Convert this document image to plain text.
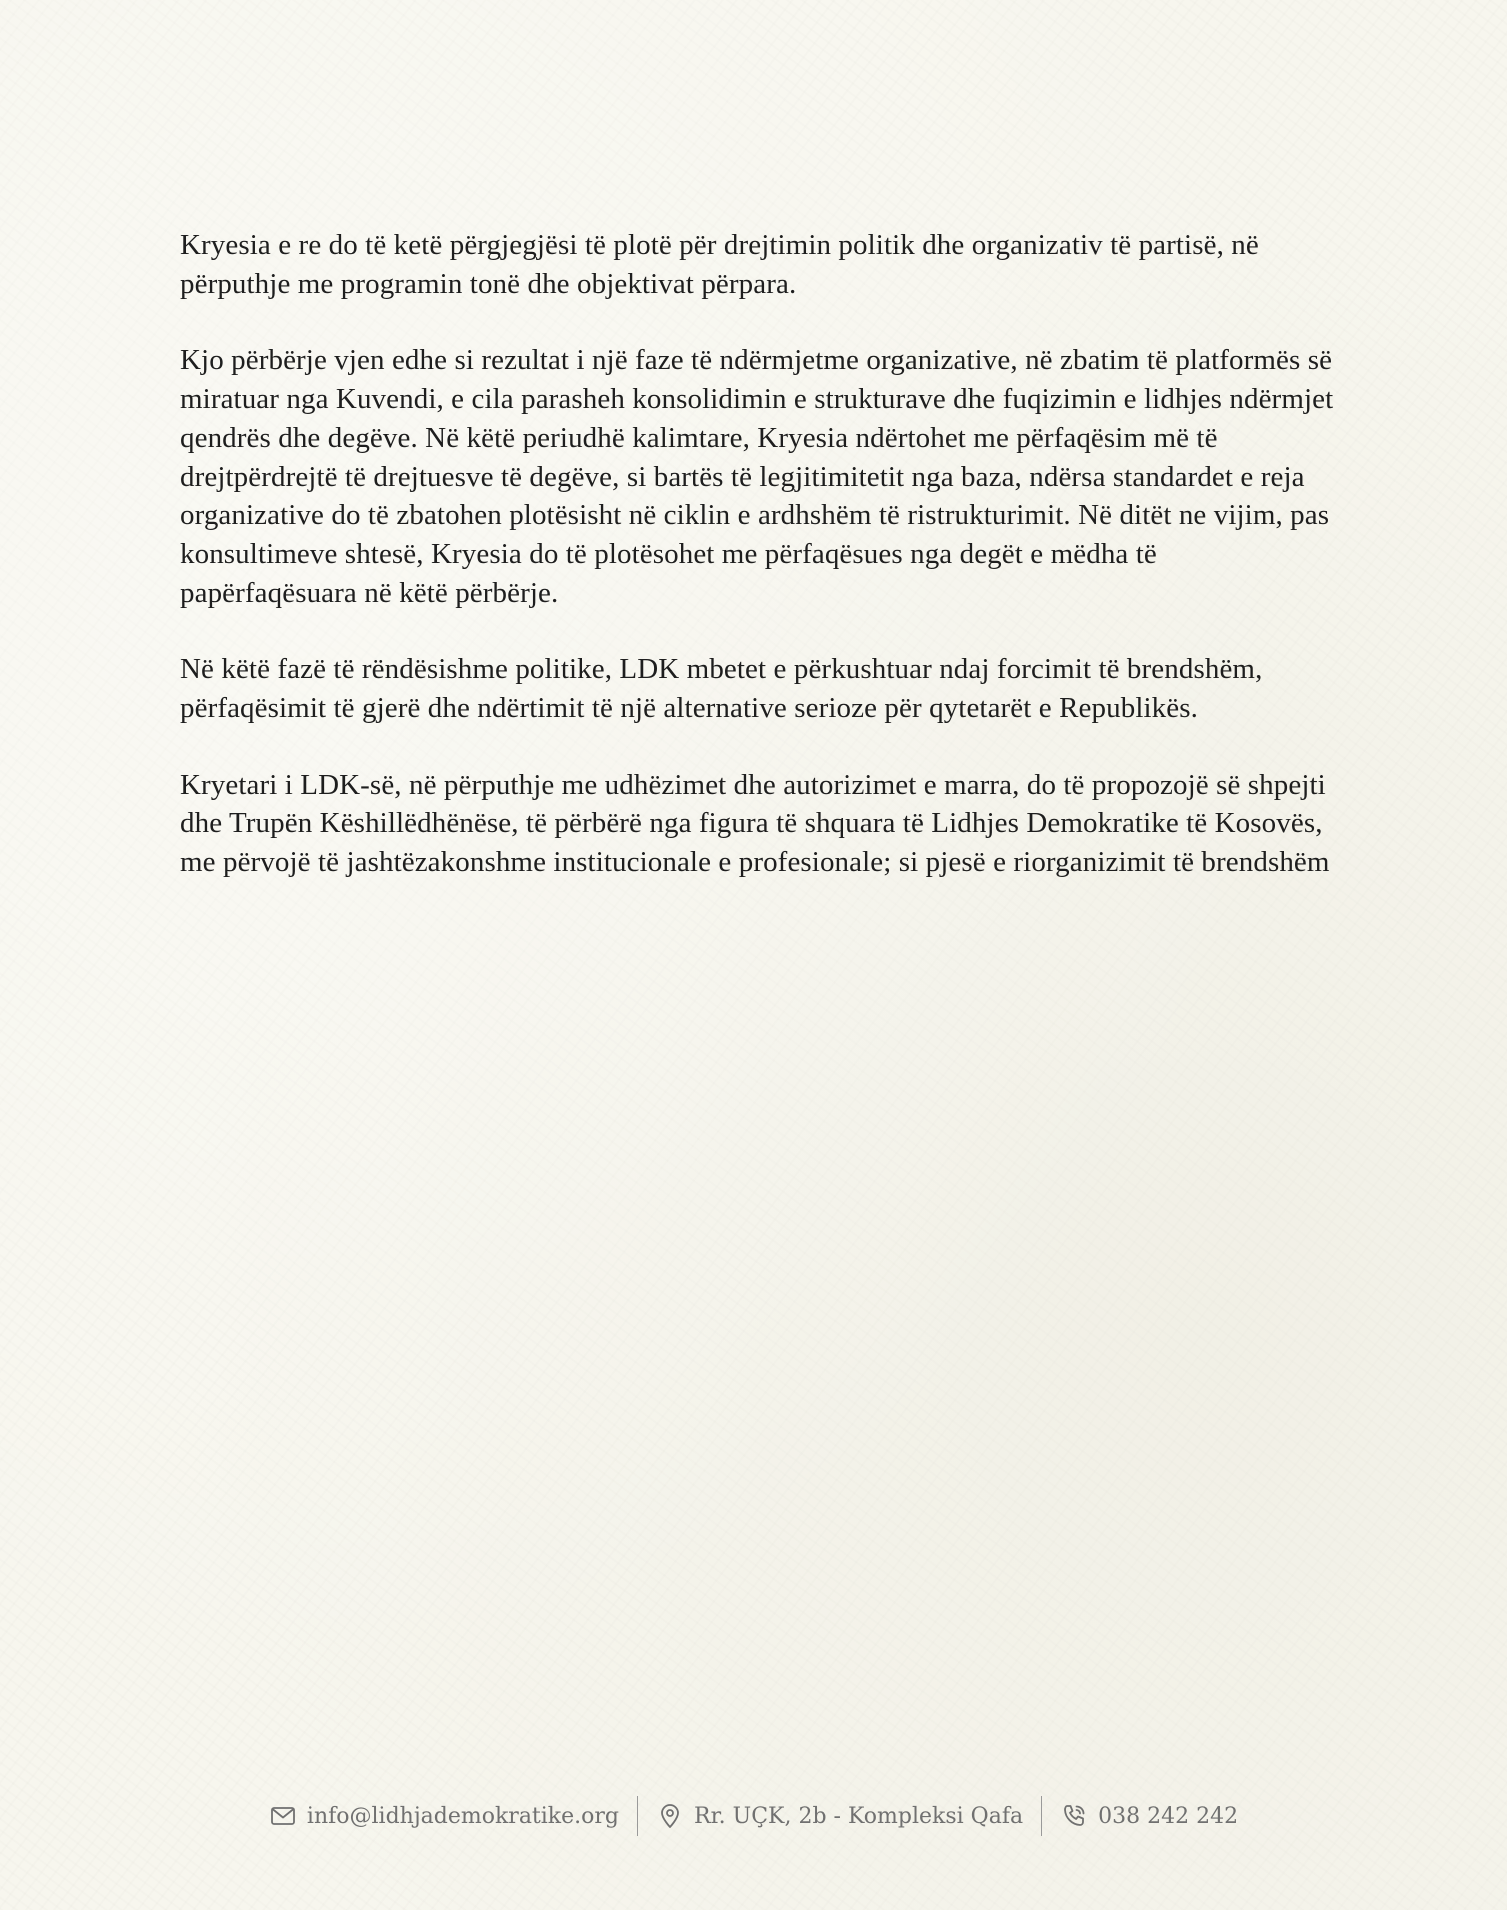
Kryesia e re do të ketë përgjegjësi të plotë për drejtimin politik dhe organizativ të partisë, në përputhje me programin tonë dhe objektivat përpara.

Kjo përbërje vjen edhe si rezultat i një faze të ndërmjetme organizative, në zbatim të platformës së miratuar nga Kuvendi, e cila parasheh konsolidimin e strukturave dhe fuqizimin e lidhjes ndërmjet qendrës dhe degëve. Në këtë periudhë kalimtare, Kryesia ndërtohet me përfaqësim më të drejtpërdrejtë të drejtuesve të degëve, si bartës të legjitimitetit nga baza, ndërsa standardet e reja organizative do të zbatohen plotësisht në ciklin e ardhshëm të ristrukturimit. Në ditët ne vijim, pas konsultimeve shtesë, Kryesia do të plotësohet me përfaqësues nga degët e mëdha të papërfaqësuara në këtë përbërje.

Në këtë fazë të rëndësishme politike, LDK mbetet e përkushtuar ndaj forcimit të brendshëm, përfaqësimit të gjerë dhe ndërtimit të një alternative serioze për qytetarët e Republikës.

Kryetari i LDK-së, në përputhje me udhëzimet dhe autorizimet e marra, do të propozojë së shpejti dhe Trupën Këshillëdhënëse, të përbërë nga figura të shquara të Lidhjes Demokratike të Kosovës, me përvojë të jashtëzakonshme institucionale e profesionale; si pjesë e riorganizimit të brendshëm

info@lidhjademokratike.org	Rr. UÇK, 2b - Kompleksi Qafa	038 242 242
